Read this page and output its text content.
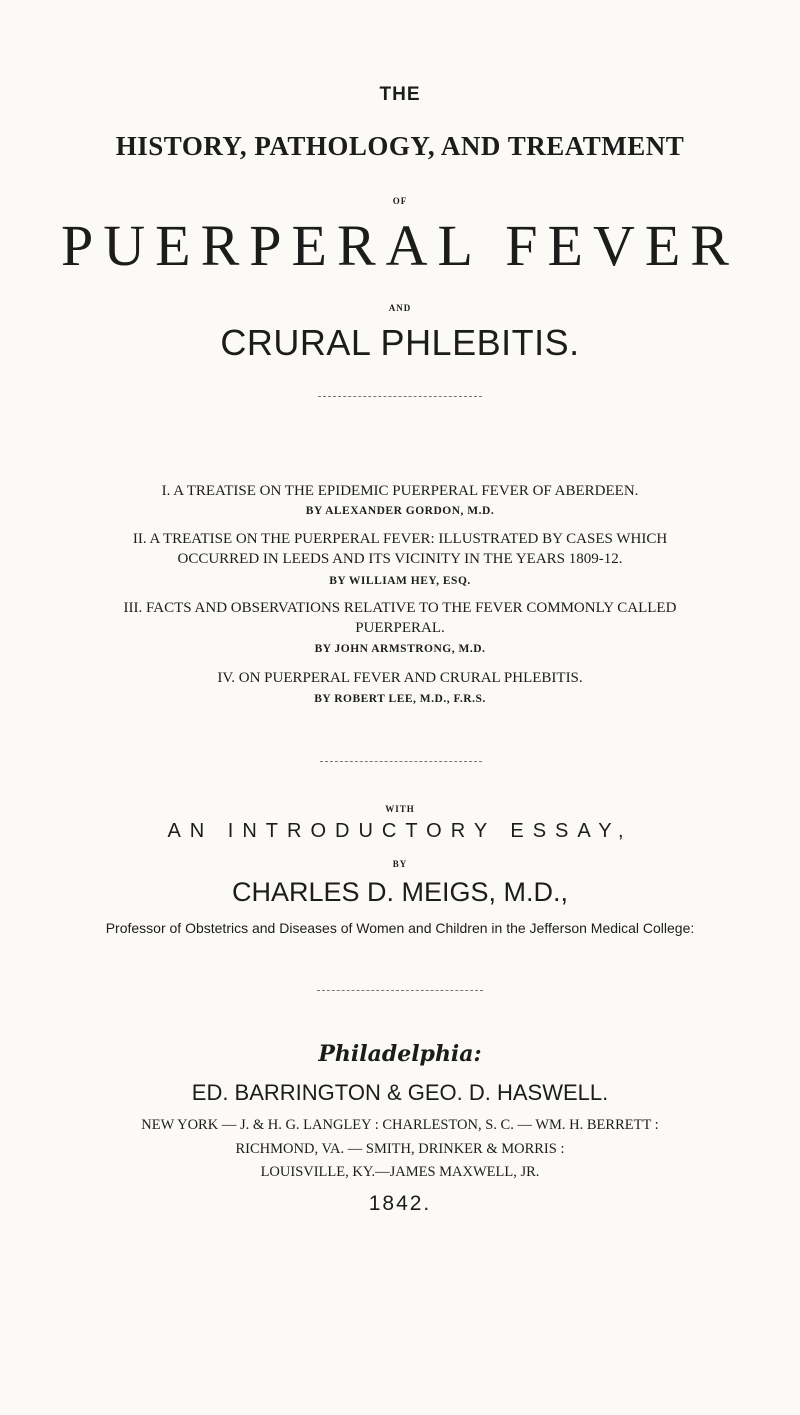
THE
HISTORY, PATHOLOGY, AND TREATMENT
OF
PUERPERAL FEVER
AND
CRURAL PHLEBITIS.
I. A TREATISE ON THE EPIDEMIC PUERPERAL FEVER OF ABERDEEN.
BY ALEXANDER GORDON, M.D.
II. A TREATISE ON THE PUERPERAL FEVER: ILLUSTRATED BY CASES WHICH
OCCURRED IN LEEDS AND ITS VICINITY IN THE YEARS 1809-12.
BY WILLIAM HEY, ESQ.
III. FACTS AND OBSERVATIONS RELATIVE TO THE FEVER COMMONLY CALLED
PUERPERAL.
BY JOHN ARMSTRONG, M.D.
IV. ON PUERPERAL FEVER AND CRURAL PHLEBITIS.
BY ROBERT LEE, M.D., F.R.S.
WITH
AN INTRODUCTORY ESSAY,
BY
CHARLES D. MEIGS, M.D.,
Professor of Obstetrics and Diseases of Women and Children in the Jefferson Medical College:
Philadelphia:
ED. BARRINGTON & GEO. D. HASWELL.
NEW YORK — J. & H. G. LANGLEY : CHARLESTON, S. C. — WM. H. BERRETT :
RICHMOND, VA. — SMITH, DRINKER & MORRIS :
LOUISVILLE, KY.—JAMES MAXWELL, JR.
1842.
